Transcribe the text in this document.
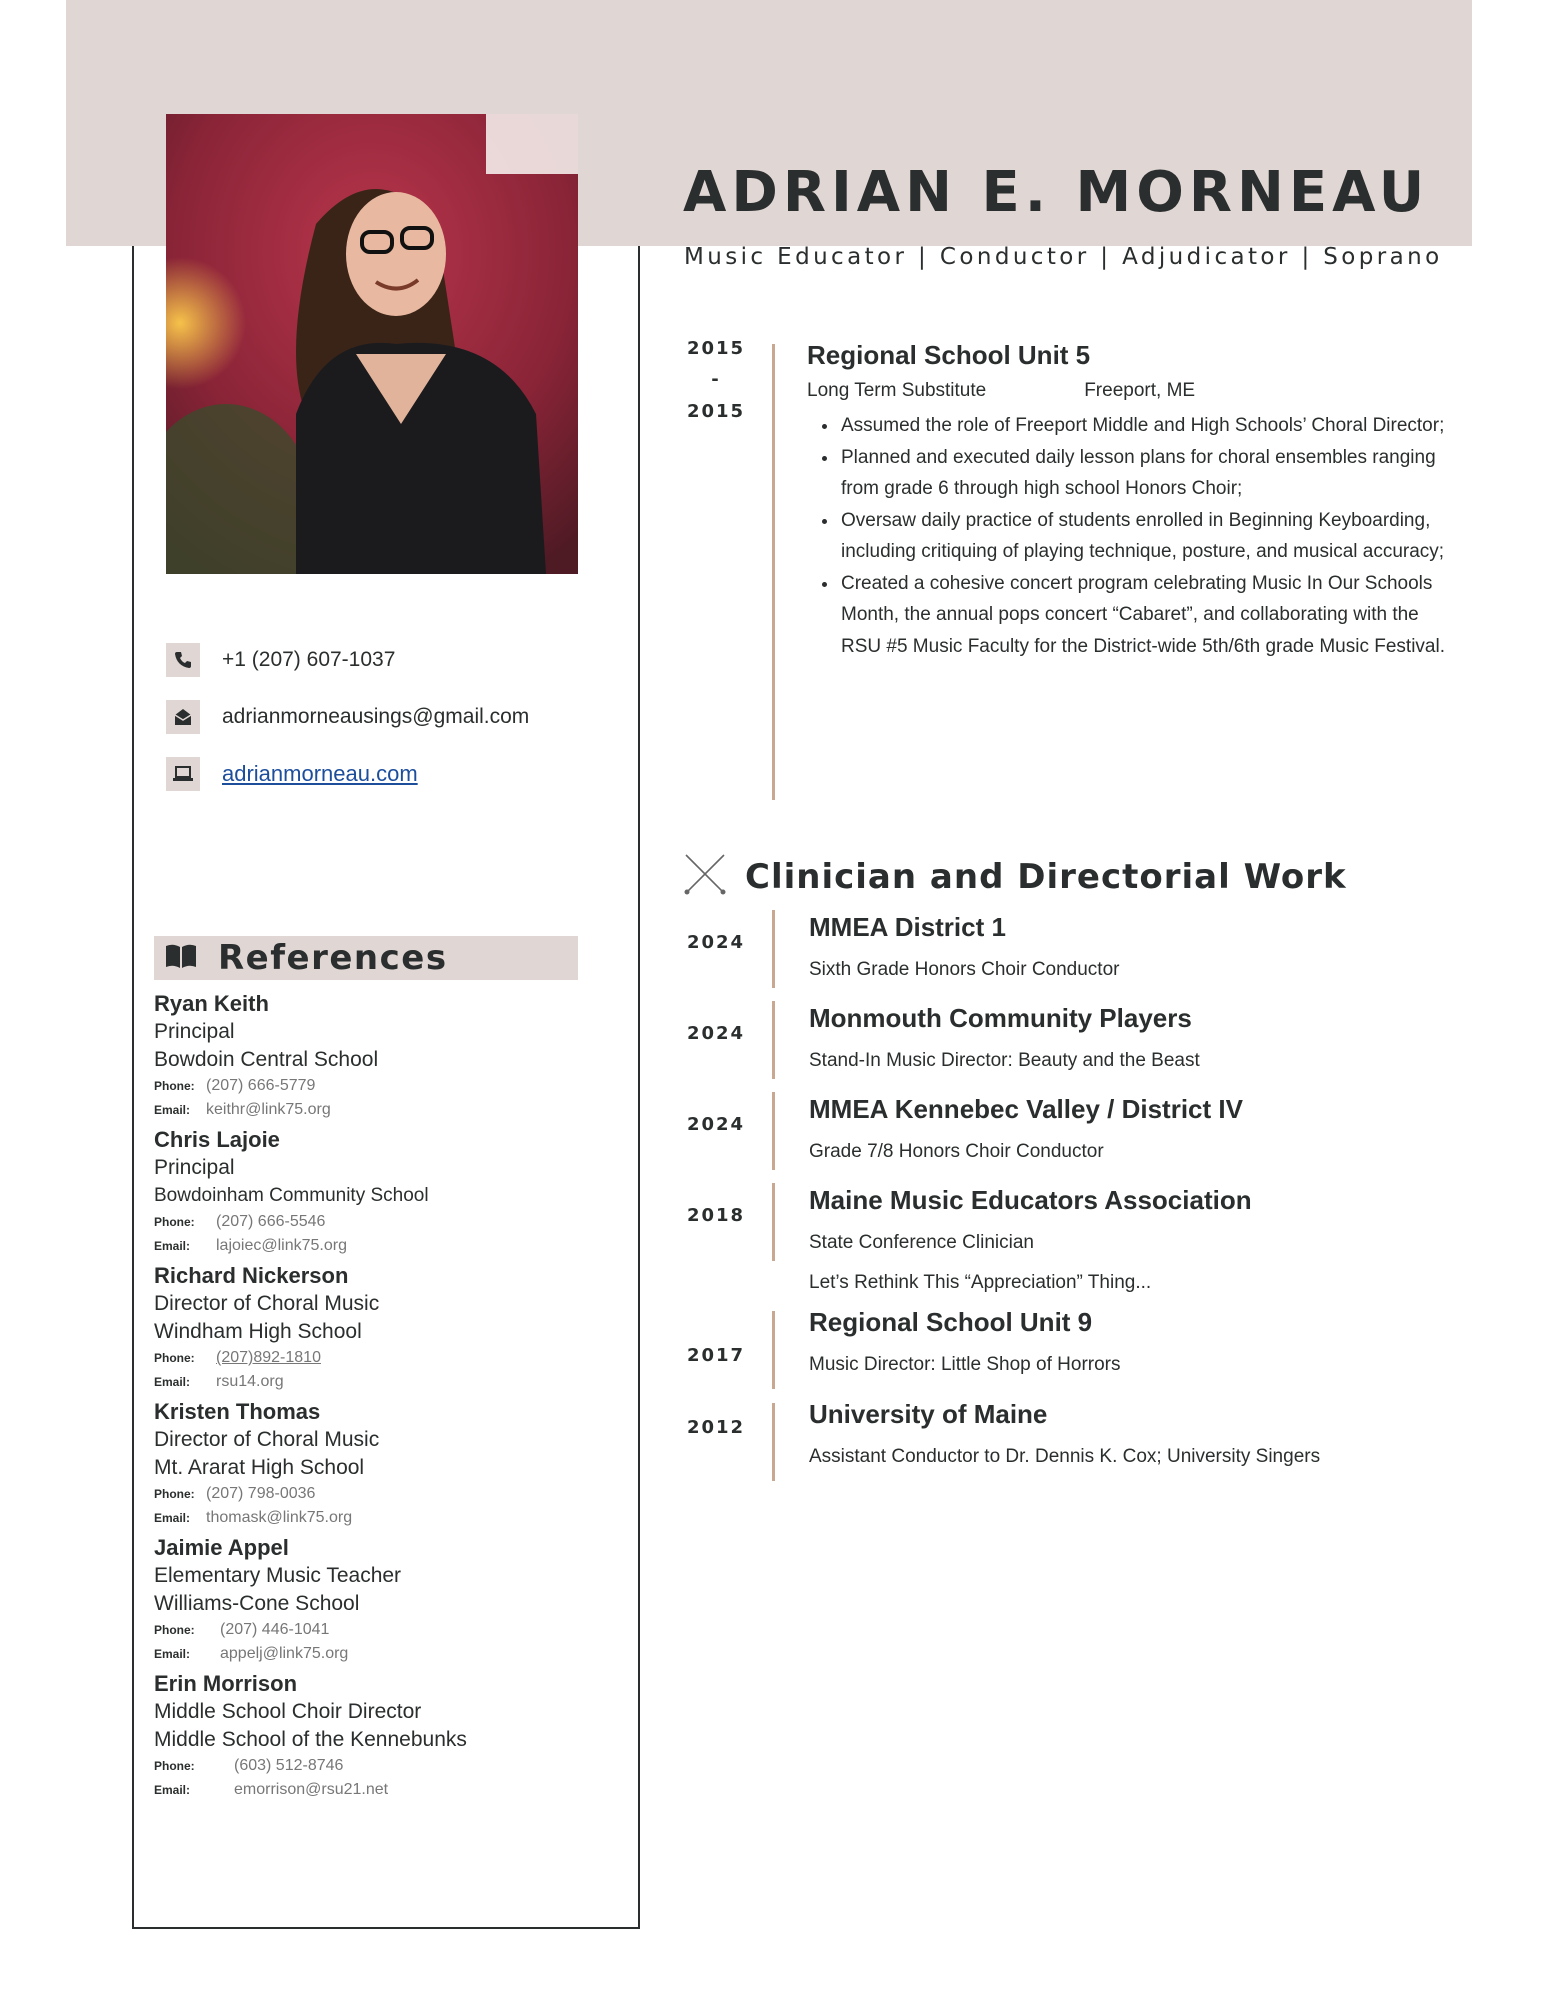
ADRIAN E. MORNEAU
Music Educator | Conductor | Adjudicator | Soprano
+1 (207) 607-1037
adrianmorneausings@gmail.com
adrianmorneau.com
References
Ryan Keith
Principal
Bowdoin Central School
Phone: (207) 666-5779
Email: keithr@link75.org
Chris Lajoie
Principal
Bowdoinham Community School
Phone:	(207) 666-5546
Email:	lajoiec@link75.org
Richard Nickerson
Director of Choral Music
Windham High School
Phone:	(207)892-1810
Email:	rsu14.org
Kristen Thomas
Director of Choral Music
Mt. Ararat High School
Phone: (207) 798-0036
Email: thomask@link75.org
Jaimie Appel
Elementary Music Teacher
Williams-Cone School
Phone:	(207) 446-1041
Email:	appelj@link75.org
Erin Morrison
Middle School Choir Director
Middle School of the Kennebunks
Phone:	(603) 512-8746
Email:	emorrison@rsu21.net
2015
-
2015
Regional School Unit 5
Long Term Substitute	Freeport, ME
• Assumed the role of Freeport Middle and High Schools’ Choral Director;
• Planned and executed daily lesson plans for choral ensembles ranging from grade 6 through high school Honors Choir;
• Oversaw daily practice of students enrolled in Beginning Keyboarding, including critiquing of playing technique, posture, and musical accuracy;
• Created a cohesive concert program celebrating Music In Our Schools Month, the annual pops concert “Cabaret”, and collaborating with the RSU #5 Music Faculty for the District-wide 5th/6th grade Music Festival.
Clinician and Directorial Work
2024
MMEA District 1
Sixth Grade Honors Choir Conductor
2024
Monmouth Community Players
Stand-In Music Director: Beauty and the Beast
2024
MMEA Kennebec Valley / District IV
Grade 7/8 Honors Choir Conductor
2018
Maine Music Educators Association
State Conference Clinician
Let’s Rethink This “Appreciation” Thing...
2017
Regional School Unit 9
Music Director: Little Shop of Horrors
2012 University of Maine
Assistant Conductor to Dr. Dennis K. Cox; University Singers
